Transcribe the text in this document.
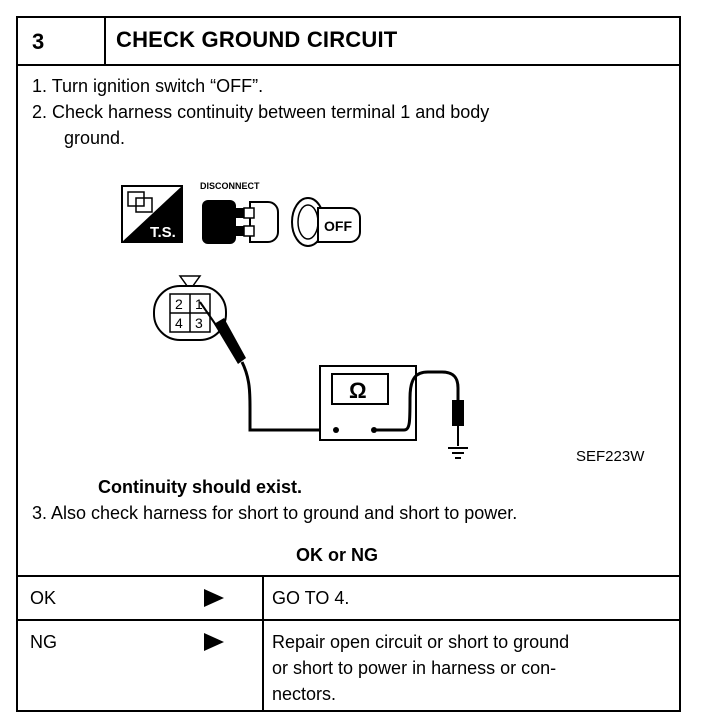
3	CHECK GROUND CIRCUIT
1. Turn ignition switch “OFF”.
2. Check harness continuity between terminal 1 and body
ground.
T.S.
DISCONNECT
OFF
2 1
4 3
Ω
SEF223W
Continuity should exist.
3. Also check harness for short to ground and short to power.
OK or NG
OK	GO TO 4.
NG	Repair open circuit or short to ground
or short to power in harness or con-
nectors.
